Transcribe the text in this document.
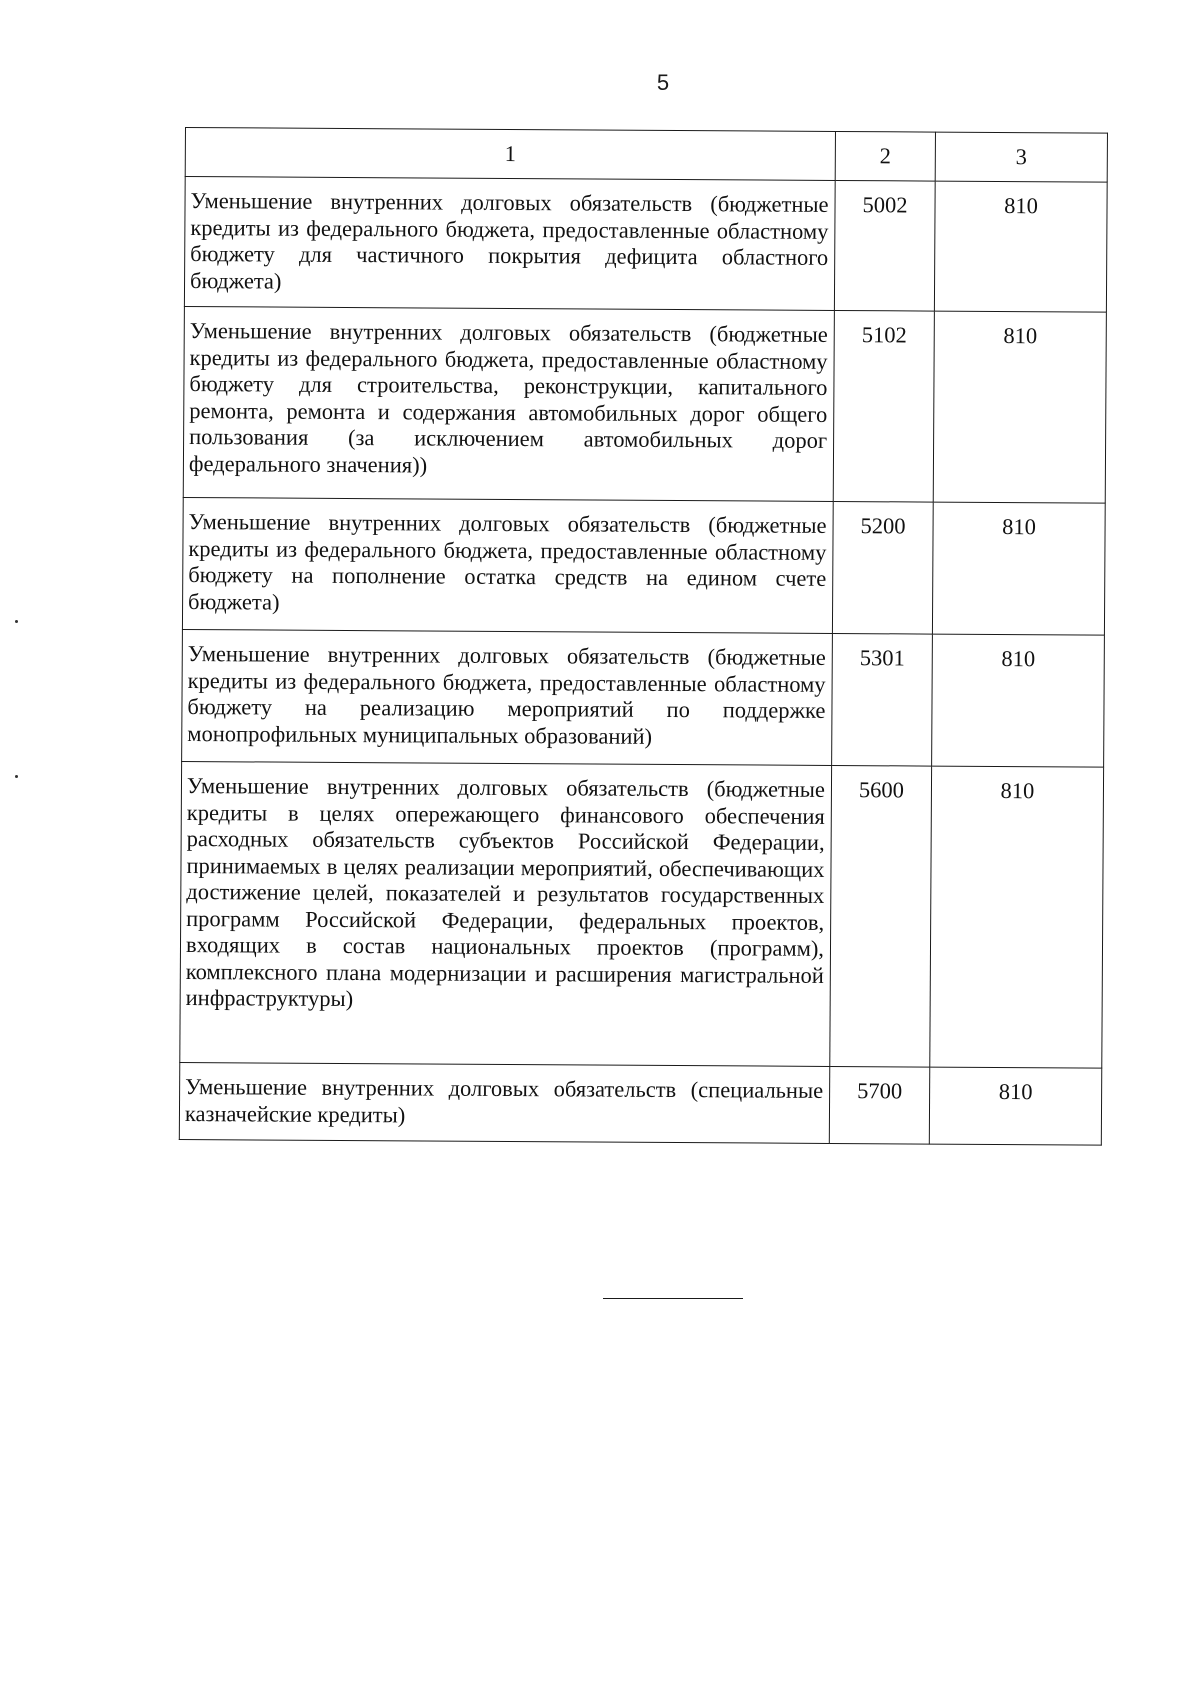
5
1	2	3
Уменьшение внутренних долговых обязательств (бюджетные кредиты из федерального бюджета, предоставленные областному бюджету для частичного покрытия дефицита областного бюджета)	5002	810
Уменьшение внутренних долговых обязательств (бюджетные кредиты из федерального бюджета, предоставленные областному бюджету для строительства, реконструкции, капитального ремонта, ремонта и содержания автомобильных дорог общего пользования (за исключением автомобильных дорог федерального значения))	5102	810
Уменьшение внутренних долговых обязательств (бюджетные кредиты из федерального бюджета, предоставленные областному бюджету на пополнение остатка средств на едином счете бюджета)	5200	810
Уменьшение внутренних долговых обязательств (бюджетные кредиты из федерального бюджета, предоставленные областному бюджету на реализацию мероприятий по поддержке монопрофильных муниципальных образований)	5301	810
Уменьшение внутренних долговых обязательств (бюджетные кредиты в целях опережающего финансового обеспечения расходных обязательств субъектов Российской Федерации, принимаемых в целях реализации мероприятий, обеспечивающих достижение целей, показателей и результатов государственных программ Российской Федерации, федеральных проектов, входящих в состав национальных проектов (программ), комплексного плана модернизации и расширения магистральной инфраструктуры)	5600	810
Уменьшение внутренних долговых обязательств (специальные казначейские кредиты)	5700	810
